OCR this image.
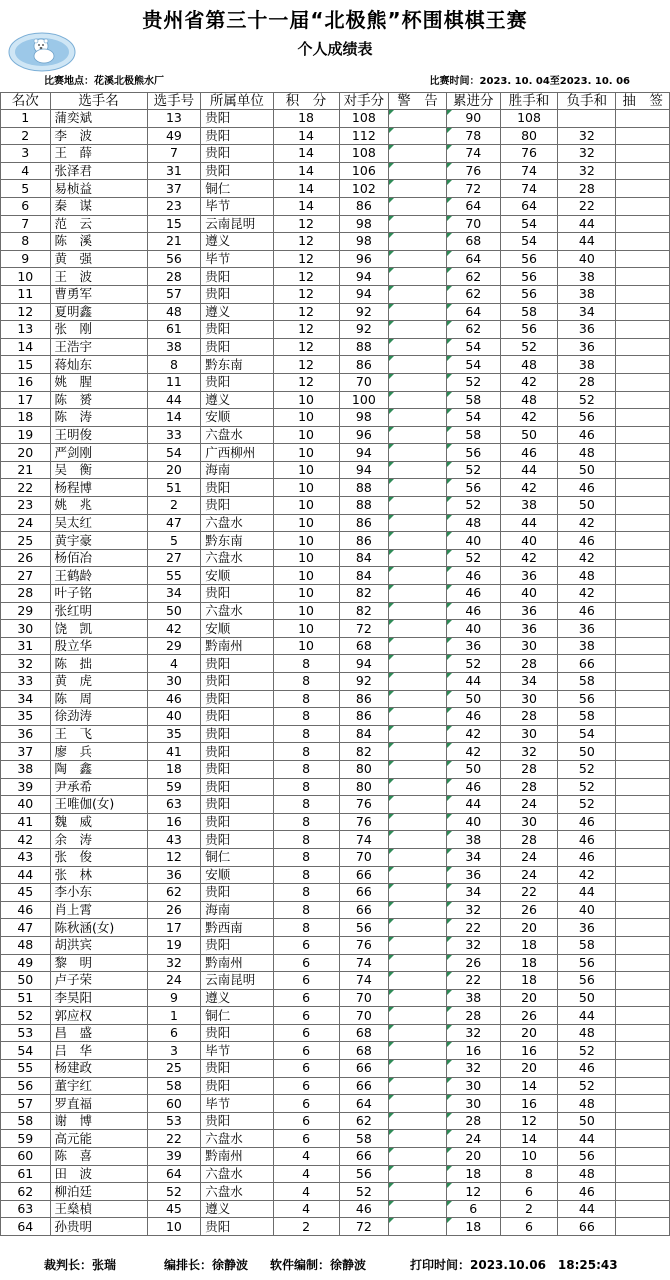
贵州省第三十一届“北极熊”杯围棋棋王赛
个人成绩表
比赛地点：花溪北极熊水厂	比赛时间：2023. 10. 04至2023. 10. 06
名次	选手名	选手号	所属单位	积　分	对手分	警　告	累进分	胜手和	负手和	抽　签
1	蒲奕斌	13	贵阳	18	108		90	108		
2	李　波	49	贵阳	14	112		78	80	32	
3	王　薛	7	贵阳	14	108		74	76	32	
4	张泽君	31	贵阳	14	106		76	74	32	
5	易桢益	37	铜仁	14	102		72	74	28	
6	秦　谋	23	毕节	14	86		64	64	22	
7	范　云	15	云南昆明	12	98		70	54	44	
8	陈　溪	21	遵义	12	98		68	54	44	
9	黄　强	56	毕节	12	96		64	56	40	
10	王　波	28	贵阳	12	94		62	56	38	
11	曹勇军	57	贵阳	12	94		62	56	38	
12	夏明鑫	48	遵义	12	92		64	58	34	
13	张　刚	61	贵阳	12	92		62	56	36	
14	王浩宇	38	贵阳	12	88		54	52	36	
15	蒋灿东	8	黔东南	12	86		54	48	38	
16	姚　腥	11	贵阳	12	70		52	42	28	
17	陈　赟	44	遵义	10	100		58	48	52	
18	陈　涛	14	安顺	10	98		54	42	56	
19	王明俊	33	六盘水	10	96		58	50	46	
20	严剑刚	54	广西柳州	10	94		56	46	48	
21	吴　衡	20	海南	10	94		52	44	50	
22	杨程博	51	贵阳	10	88		56	42	46	
23	姚　兆	2	贵阳	10	88		52	38	50	
24	吴太红	47	六盘水	10	86		48	44	42	
25	黄宇豪	5	黔东南	10	86		40	40	46	
26	杨佰冶	27	六盘水	10	84		52	42	42	
27	王鹤龄	55	安顺	10	84		46	36	48	
28	叶子铭	34	贵阳	10	82		46	40	42	
29	张红明	50	六盘水	10	82		46	36	46	
30	饶　凯	42	安顺	10	72		40	36	36	
31	殷立华	29	黔南州	10	68		36	30	38	
32	陈　拙	4	贵阳	8	94		52	28	66	
33	黄　虎	30	贵阳	8	92		44	34	58	
34	陈　周	46	贵阳	8	86		50	30	56	
35	徐劲涛	40	贵阳	8	86		46	28	58	
36	王　飞	35	贵阳	8	84		42	30	54	
37	廖　兵	41	贵阳	8	82		42	32	50	
38	陶　鑫	18	贵阳	8	80		50	28	52	
39	尹承希	59	贵阳	8	80		46	28	52	
40	王唯伽(女)	63	贵阳	8	76		44	24	52	
41	魏　威	16	贵阳	8	76		40	30	46	
42	余　涛	43	贵阳	8	74		38	28	46	
43	张　俊	12	铜仁	8	70		34	24	46	
44	张　林	36	安顺	8	66		36	24	42	
45	李小东	62	贵阳	8	66		34	22	44	
46	肖上霄	26	海南	8	66		32	26	40	
47	陈秋涵(女)	17	黔西南	8	56		22	20	36	
48	胡洪宾	19	贵阳	6	76		32	18	58	
49	黎　明	32	黔南州	6	74		26	18	56	
50	卢子荣	24	云南昆明	6	74		22	18	56	
51	李昊阳	9	遵义	6	70		38	20	50	
52	郭应权	1	铜仁	6	70		28	26	44	
53	昌　盛	6	贵阳	6	68		32	20	48	
54	吕　华	3	毕节	6	68		16	16	52	
55	杨建政	25	贵阳	6	66		32	20	46	
56	董宇红	58	贵阳	6	66		30	14	52	
57	罗直福	60	毕节	6	64		30	16	48	
58	谢　博	53	贵阳	6	62		28	12	50	
59	高元能	22	六盘水	6	58		24	14	44	
60	陈　喜	39	黔南州	4	66		20	10	56	
61	田　波	64	六盘水	4	56		18	8	48	
62	柳泊廷	52	六盘水	4	52		12	6	46	
63	王燊楨	45	遵义	4	46		6	2	44	
64	孙贵明	10	贵阳	2	72		18	6	66	
裁判长：张瑞	编排长：徐静波 软件编制：徐静波	打印时间：2023.10.06　18:25:43
